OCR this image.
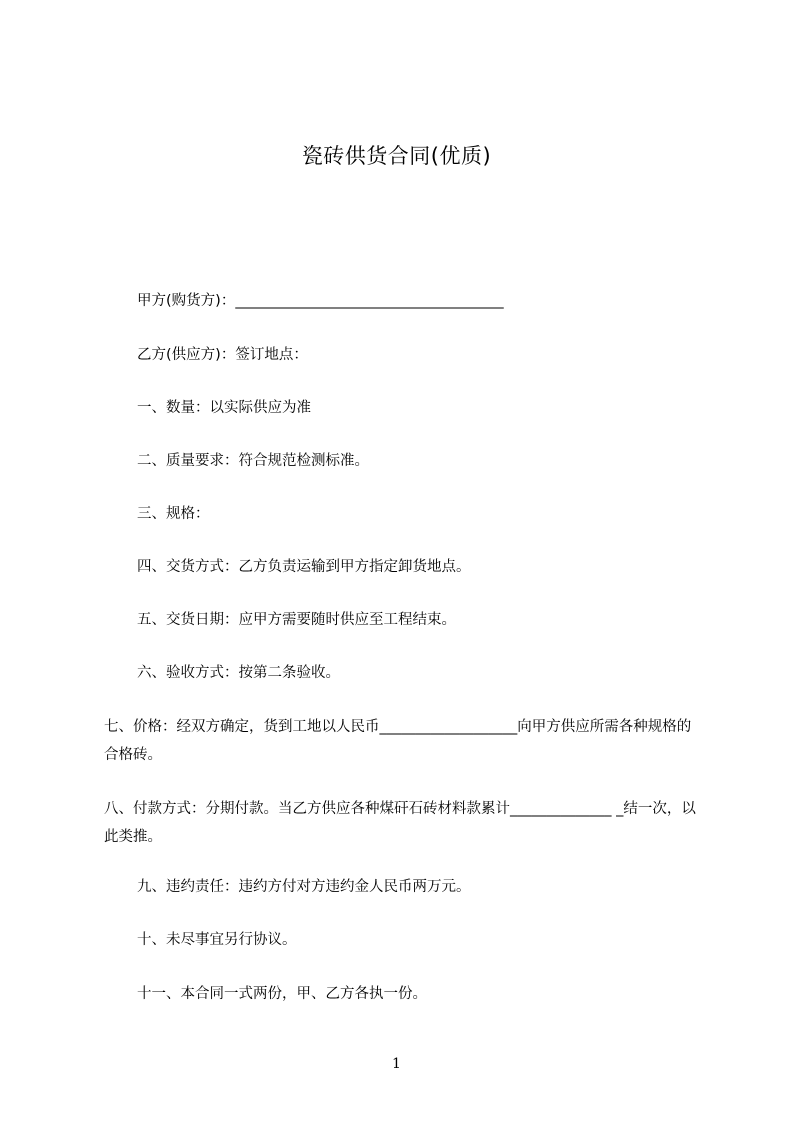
瓷砖供货合同(优质)
甲方(购货方)：_____________________________________
乙方(供应方)：签订地点：
一、数量：以实际供应为准
二、质量要求：符合规范检测标准。
三、规格：
四、交货方式：乙方负责运输到甲方指定卸货地点。
五、交货日期：应甲方需要随时供应至工程结束。
六、验收方式：按第二条验收。
七、价格：经双方确定，货到工地以人民币___________________向甲方供应所需各种规格的合格砖。
八、付款方式：分期付款。当乙方供应各种煤矸石砖材料款累计______________ _结一次，以此类推。
九、违约责任：违约方付对方违约金人民币两万元。
十、未尽事宜另行协议。
十一、本合同一式两份，甲、乙方各执一份。
1
